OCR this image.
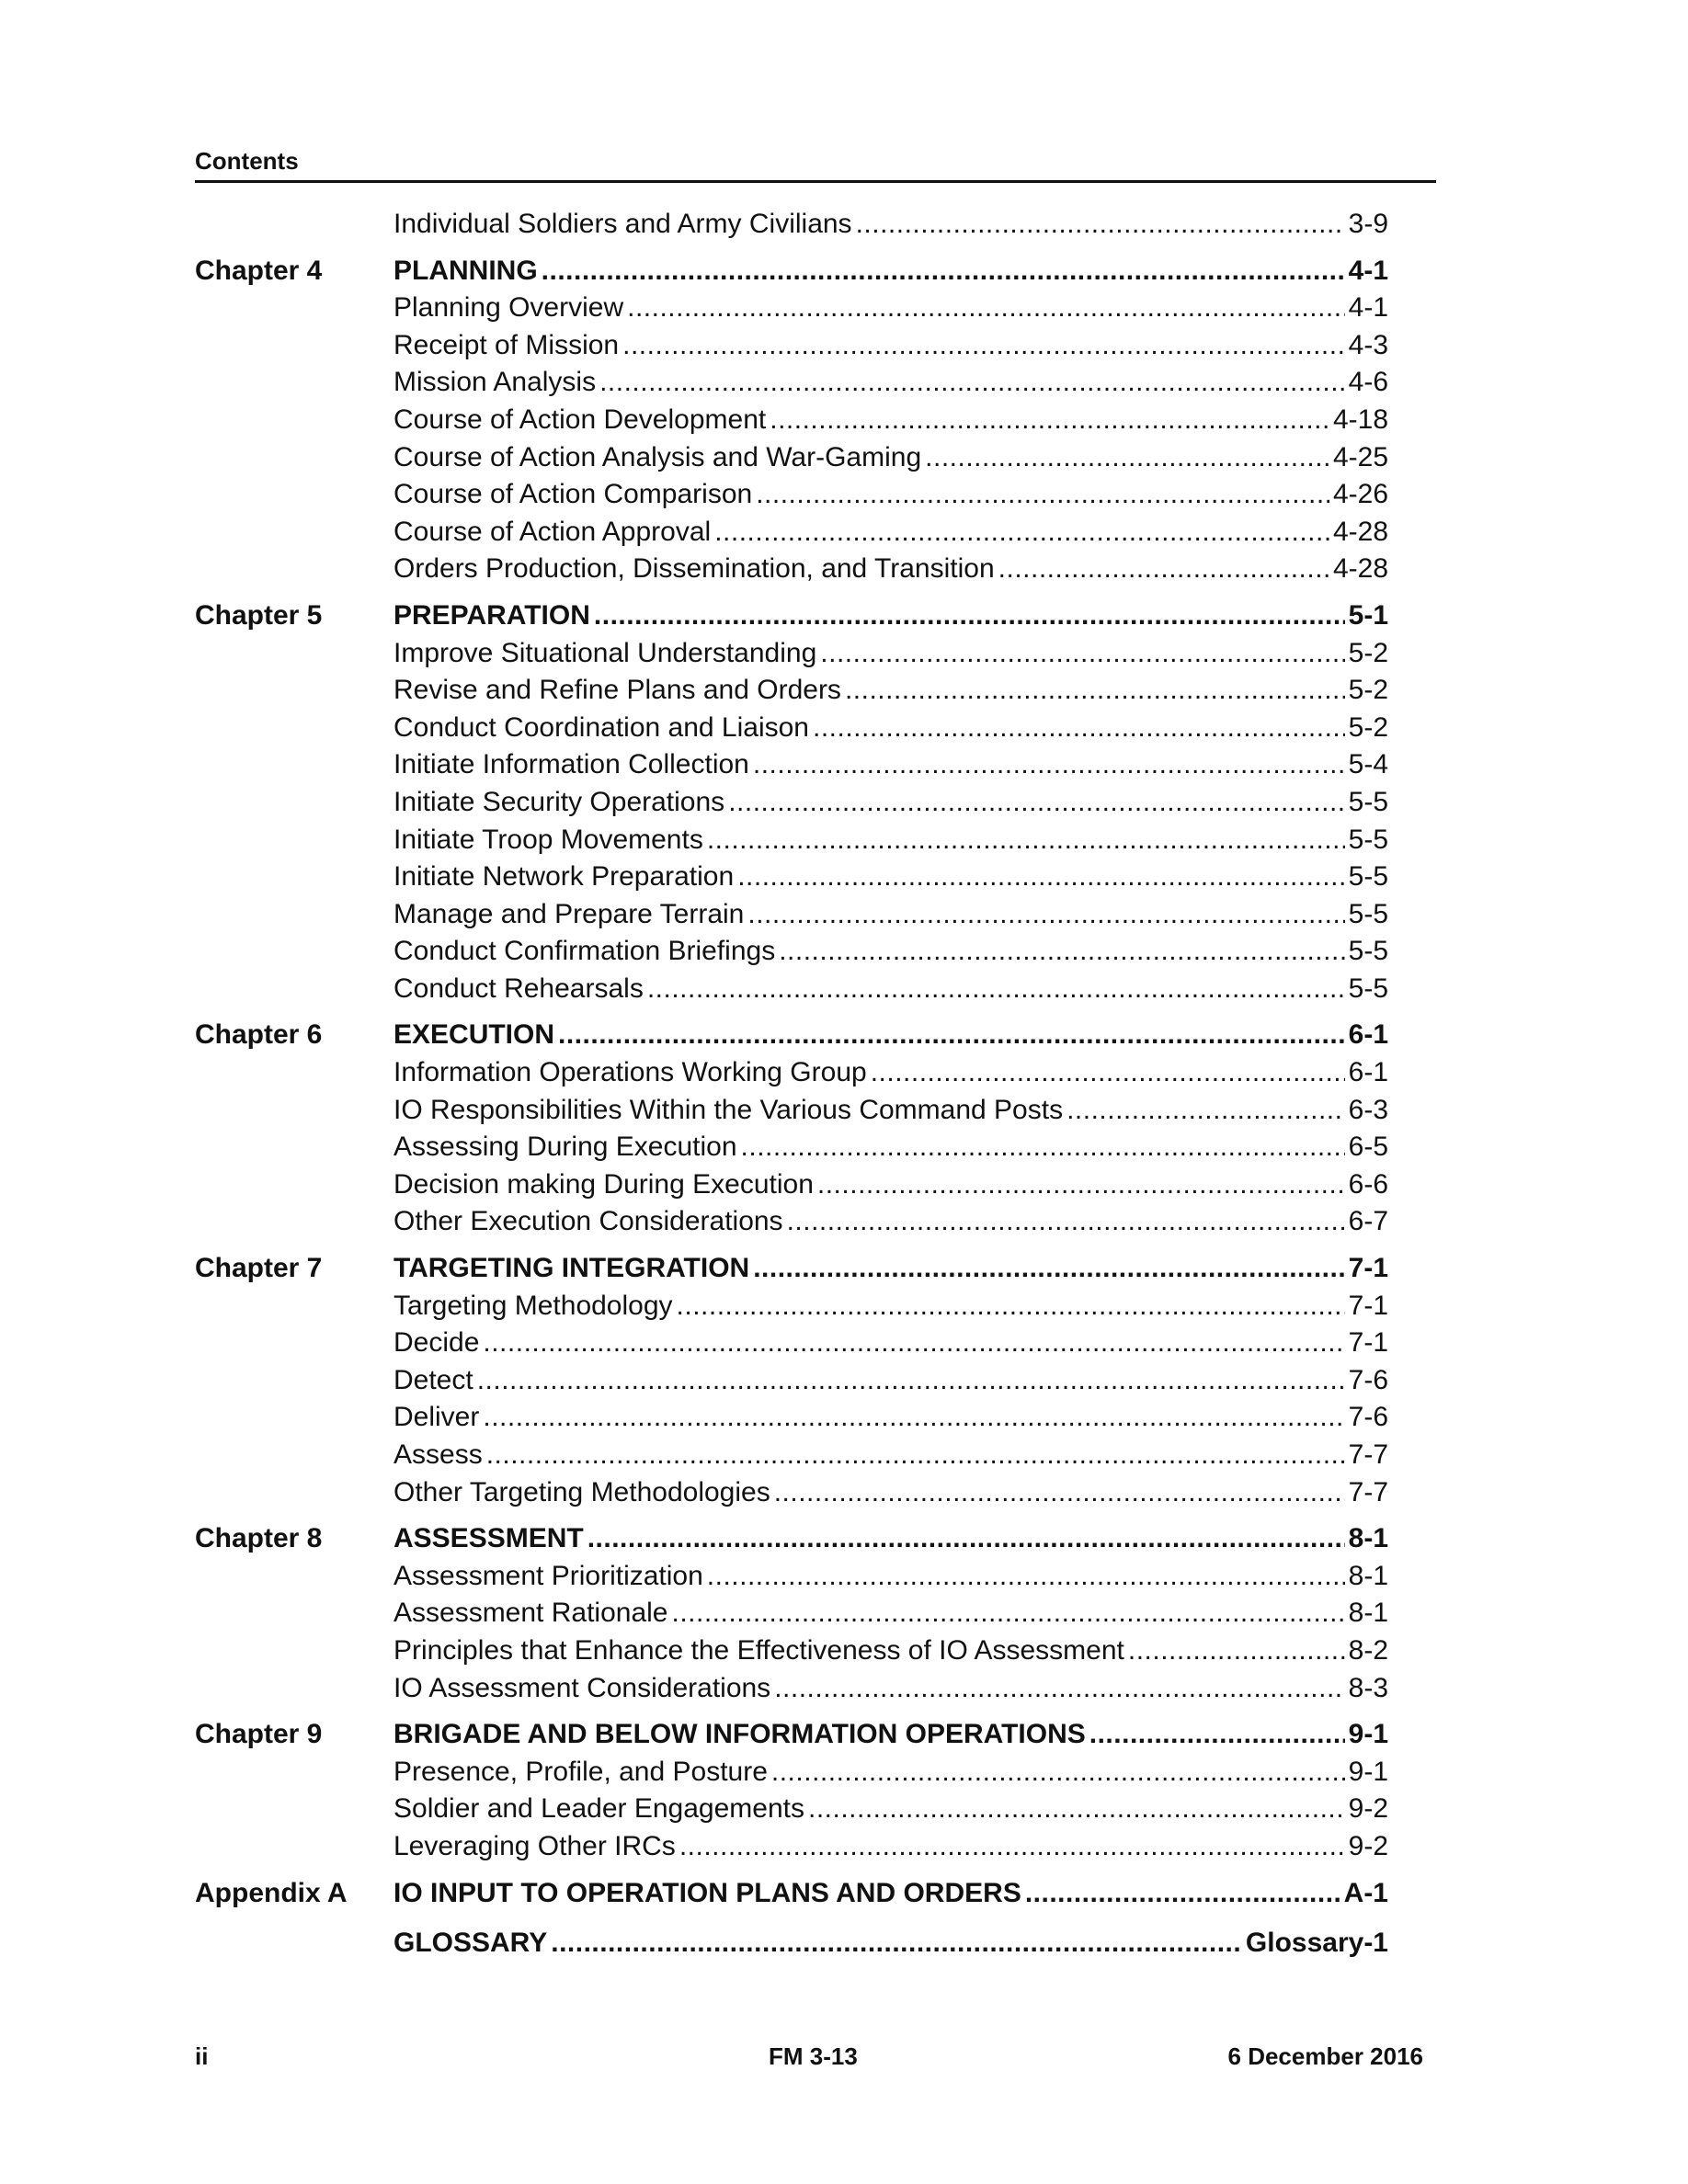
Contents
Individual Soldiers and Army Civilians .....	3-9
Chapter 4	PLANNING .....	4-1
Planning Overview .....	4-1
Receipt of Mission .....	4-3
Mission Analysis .....	4-6
Course of Action Development .....	4-18
Course of Action Analysis and War-Gaming .....	4-25
Course of Action Comparison .....	4-26
Course of Action Approval .....	4-28
Orders Production, Dissemination, and Transition .....	4-28
Chapter 5	PREPARATION .....	5-1
Improve Situational Understanding .....	5-2
Revise and Refine Plans and Orders .....	5-2
Conduct Coordination and Liaison .....	5-2
Initiate Information Collection .....	5-4
Initiate Security Operations .....	5-5
Initiate Troop Movements .....	5-5
Initiate Network Preparation .....	5-5
Manage and Prepare Terrain .....	5-5
Conduct Confirmation Briefings .....	5-5
Conduct Rehearsals .....	5-5
Chapter 6	EXECUTION .....	6-1
Information Operations Working Group .....	6-1
IO Responsibilities Within the Various Command Posts .....	6-3
Assessing During Execution .....	6-5
Decision making During Execution .....	6-6
Other Execution Considerations .....	6-7
Chapter 7	TARGETING INTEGRATION .....	7-1
Targeting Methodology .....	7-1
Decide .....	7-1
Detect .....	7-6
Deliver .....	7-6
Assess .....	7-7
Other Targeting Methodologies .....	7-7
Chapter 8	ASSESSMENT .....	8-1
Assessment Prioritization .....	8-1
Assessment Rationale .....	8-1
Principles that Enhance the Effectiveness of IO Assessment .....	8-2
IO Assessment Considerations .....	8-3
Chapter 9	BRIGADE AND BELOW INFORMATION OPERATIONS .....	9-1
Presence, Profile, and Posture .....	9-1
Soldier and Leader Engagements .....	9-2
Leveraging Other IRCs .....	9-2
Appendix A IO INPUT TO OPERATION PLANS AND ORDERS .....	A-1
GLOSSARY .....	Glossary-1
ii	FM 3-13	6 December 2016
